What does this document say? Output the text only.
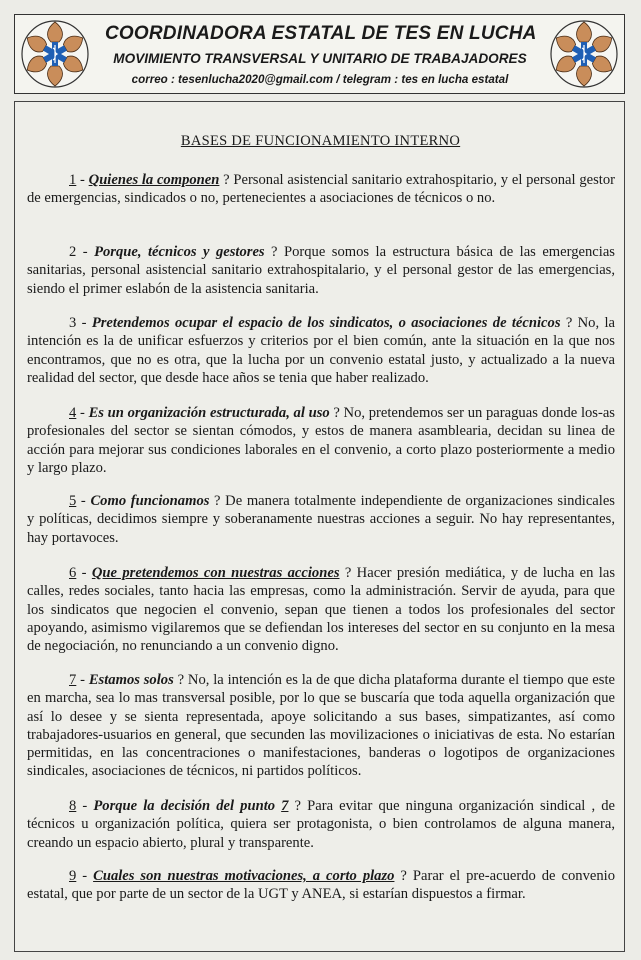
COORDINADORA ESTATAL DE TES EN LUCHA
MOVIMIENTO TRANSVERSAL Y UNITARIO DE TRABAJADORES
correo : tesenlucha2020@gmail.com / telegram : tes en lucha estatal
BASES DE FUNCIONAMIENTO INTERNO

1 - Quienes la componen ? Personal asistencial sanitario extrahospitario, y el personal gestor de emergencias, sindicados o no, pertenecientes a asociaciones de técnicos o no.

2 - Porque, técnicos y gestores ? Porque somos la estructura básica de las emergencias sanitarias, personal asistencial sanitario extrahospitalario, y el personal gestor de las emergencias, siendo el primer eslabón de la asistencia sanitaria.

3 - Pretendemos ocupar el espacio de los sindicatos, o asociaciones de técnicos ? No, la intención es la de unificar esfuerzos y criterios por el bien común, ante la situación en la que nos encontramos, que no es otra, que la lucha por un convenio estatal justo, y actualizado a la nueva realidad del sector, que desde hace años se tenia que haber realizado.

4 - Es un organización estructurada, al uso ? No, pretendemos ser un paraguas donde los-as profesionales del sector se sientan cómodos, y estos de manera asamblearia, decidan su linea de acción para mejorar sus condiciones laborales en el convenio, a corto plazo posteriormente a medio y largo plazo.

5 - Como funcionamos ? De manera totalmente independiente de organizaciones sindicales y políticas, decidimos siempre y soberanamente nuestras acciones a seguir. No hay representantes, hay portavoces.

6 - Que pretendemos con nuestras acciones ? Hacer presión mediática, y de lucha en las calles, redes sociales, tanto hacia las empresas, como la administración. Servir de ayuda, para que los sindicatos que negocien el convenio, sepan que tienen a todos los profesionales del sector apoyando, asimismo vigilaremos que se defiendan los intereses del sector en su conjunto en la mesa de negociación, no renunciando a un convenio digno.

7 - Estamos solos ? No, la intención es la de que dicha plataforma durante el tiempo que este en marcha, sea lo mas transversal posible, por lo que se buscaría que toda aquella organización que así lo desee y se sienta representada, apoye solicitando a sus bases, simpatizantes, así como trabajadores-usuarios en general, que secunden las movilizaciones o iniciativas de esta. No estarían permitidas, en las concentraciones o manifestaciones, banderas o logotipos de organizaciones sindicales, asociaciones de técnicos, ni partidos políticos.

8 - Porque la decisión del punto 7 ? Para evitar que ninguna organización sindical , de técnicos u organización política, quiera ser protagonista, o bien controlamos de alguna manera, creando un espacio abierto, plural y transparente.

9 - Cuales son nuestras motivaciones, a corto plazo ? Parar el pre-acuerdo de convenio estatal, que por parte de un sector de la UGT y ANEA, si estarían dispuestos a firmar.
